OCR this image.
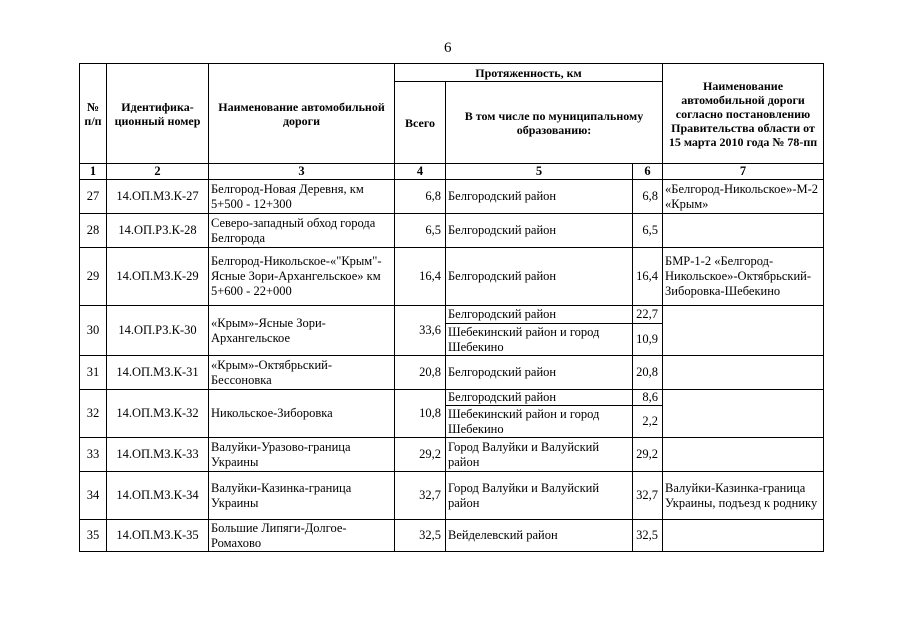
6
№ п/п	Идентифика-ционный номер	Наименование автомобильной дороги	Протяженность, км			Наименование автомобильной дороги согласно постановлению Правительства области от 15 марта 2010 года № 78-пп
			Всего	В том числе по муниципальному образованию:		
1	2	3	4	5	6	7
27	14.ОП.МЗ.К-27	Белгород-Новая Деревня, км 5+500 - 12+300	6,8	Белгородский район	6,8	«Белгород-Никольское»-М-2 «Крым»
28	14.ОП.РЗ.К-28	Северо-западный обход города Белгорода	6,5	Белгородский район	6,5	
29	14.ОП.МЗ.К-29	Белгород-Никольское-«"Крым"-Ясные Зори-Архангельское» км 5+600 - 22+000	16,4	Белгородский район	16,4	БМР-1-2 «Белгород-Никольское»-Октябрьский-Зиборовка-Шебекино
30	14.ОП.РЗ.К-30	«Крым»-Ясные Зори-Архангельское	33,6	Белгородский район	22,7	
				Шебекинский район и город Шебекино	10,9	
31	14.ОП.МЗ.К-31	«Крым»-Октябрьский-Бессоновка	20,8	Белгородский район	20,8	
32	14.ОП.МЗ.К-32	Никольское-Зиборовка	10,8	Белгородский район	8,6	
				Шебекинский район и город Шебекино	2,2	
33	14.ОП.МЗ.К-33	Валуйки-Уразово-граница Украины	29,2	Город Валуйки и Валуйский район	29,2	
34	14.ОП.МЗ.К-34	Валуйки-Казинка-граница Украины	32,7	Город Валуйки и Валуйский район	32,7	Валуйки-Казинка-граница Украины, подъезд к роднику
35	14.ОП.МЗ.К-35	Большие Липяги-Долгое-Ромахово	32,5	Вейделевский район	32,5	
